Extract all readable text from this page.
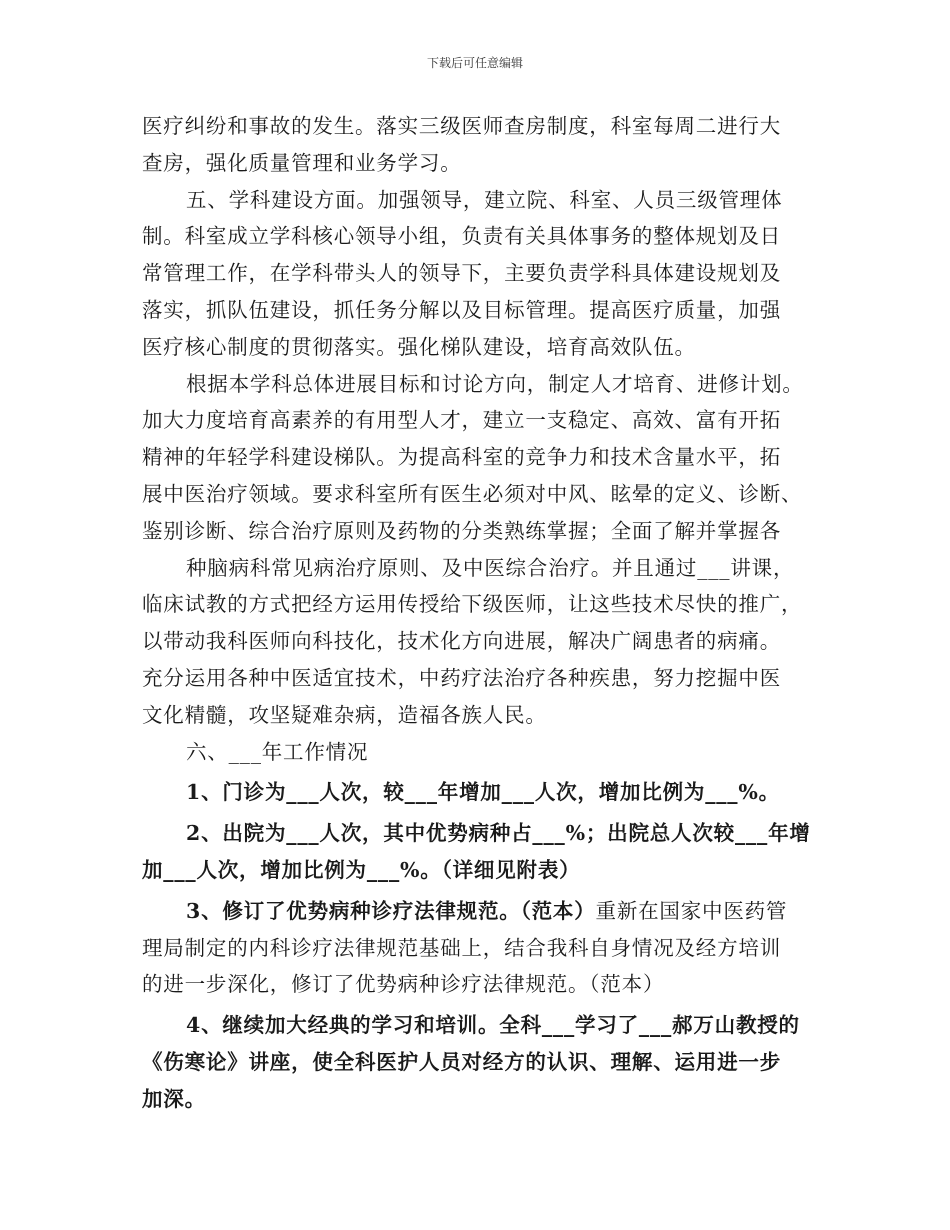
下载后可任意编辑
医疗纠纷和事故的发生。落实三级医师查房制度，科室每周二进行大
查房，强化质量管理和业务学习。
五、学科建设方面。加强领导，建立院、科室、人员三级管理体
制。科室成立学科核心领导小组，负责有关具体事务的整体规划及日
常管理工作，在学科带头人的领导下，主要负责学科具体建设规划及
落实，抓队伍建设，抓任务分解以及目标管理。提高医疗质量，加强
医疗核心制度的贯彻落实。强化梯队建设，培育高效队伍。
根据本学科总体进展目标和讨论方向，制定人才培育、进修计划。
加大力度培育高素养的有用型人才，建立一支稳定、高效、富有开拓
精神的年轻学科建设梯队。为提高科室的竞争力和技术含量水平，拓
展中医治疗领域。要求科室所有医生必须对中风、眩晕的定义、诊断、
鉴别诊断、综合治疗原则及药物的分类熟练掌握；全面了解并掌握各
种脑病科常见病治疗原则、及中医综合治疗。并且通过___讲课，
临床试教的方式把经方运用传授给下级医师，让这些技术尽快的推广，
以带动我科医师向科技化，技术化方向进展，解决广阔患者的病痛。
充分运用各种中医适宜技术，中药疗法治疗各种疾患，努力挖掘中医
文化精髓，攻坚疑难杂病，造福各族人民。
六、___年工作情况
1、门诊为___人次，较___年增加___人次，增加比例为___%。
2、出院为___人次，其中优势病种占___%；出院总人次较___年增
加___人次，增加比例为___%。（详细见附表）
3、修订了优势病种诊疗法律规范。（范本）重新在国家中医药管
理局制定的内科诊疗法律规范基础上，结合我科自身情况及经方培训
的进一步深化，修订了优势病种诊疗法律规范。（范本）
4、继续加大经典的学习和培训。全科___学习了___郝万山教授的
《伤寒论》讲座，使全科医护人员对经方的认识、理解、运用进一步
加深。
